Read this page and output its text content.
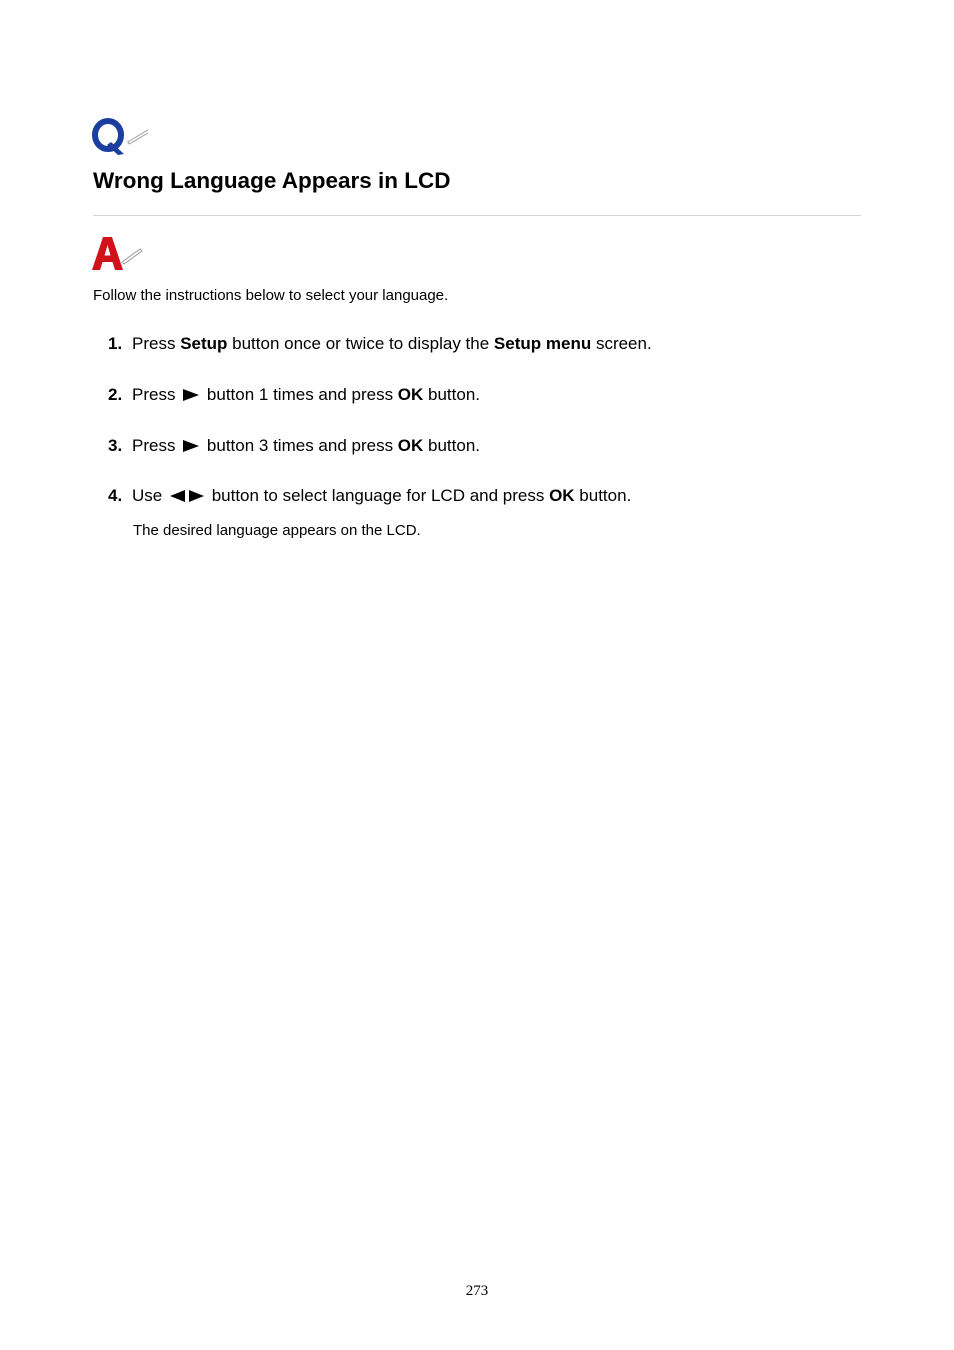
Wrong Language Appears in LCD
Follow the instructions below to select your language.
1. Press Setup button once or twice to display the Setup menu screen.
2. Press  button 1 times and press OK button.
3. Press  button 3 times and press OK button.
4. Use  button to select language for LCD and press OK button.
273
The desired language appears on the LCD.
